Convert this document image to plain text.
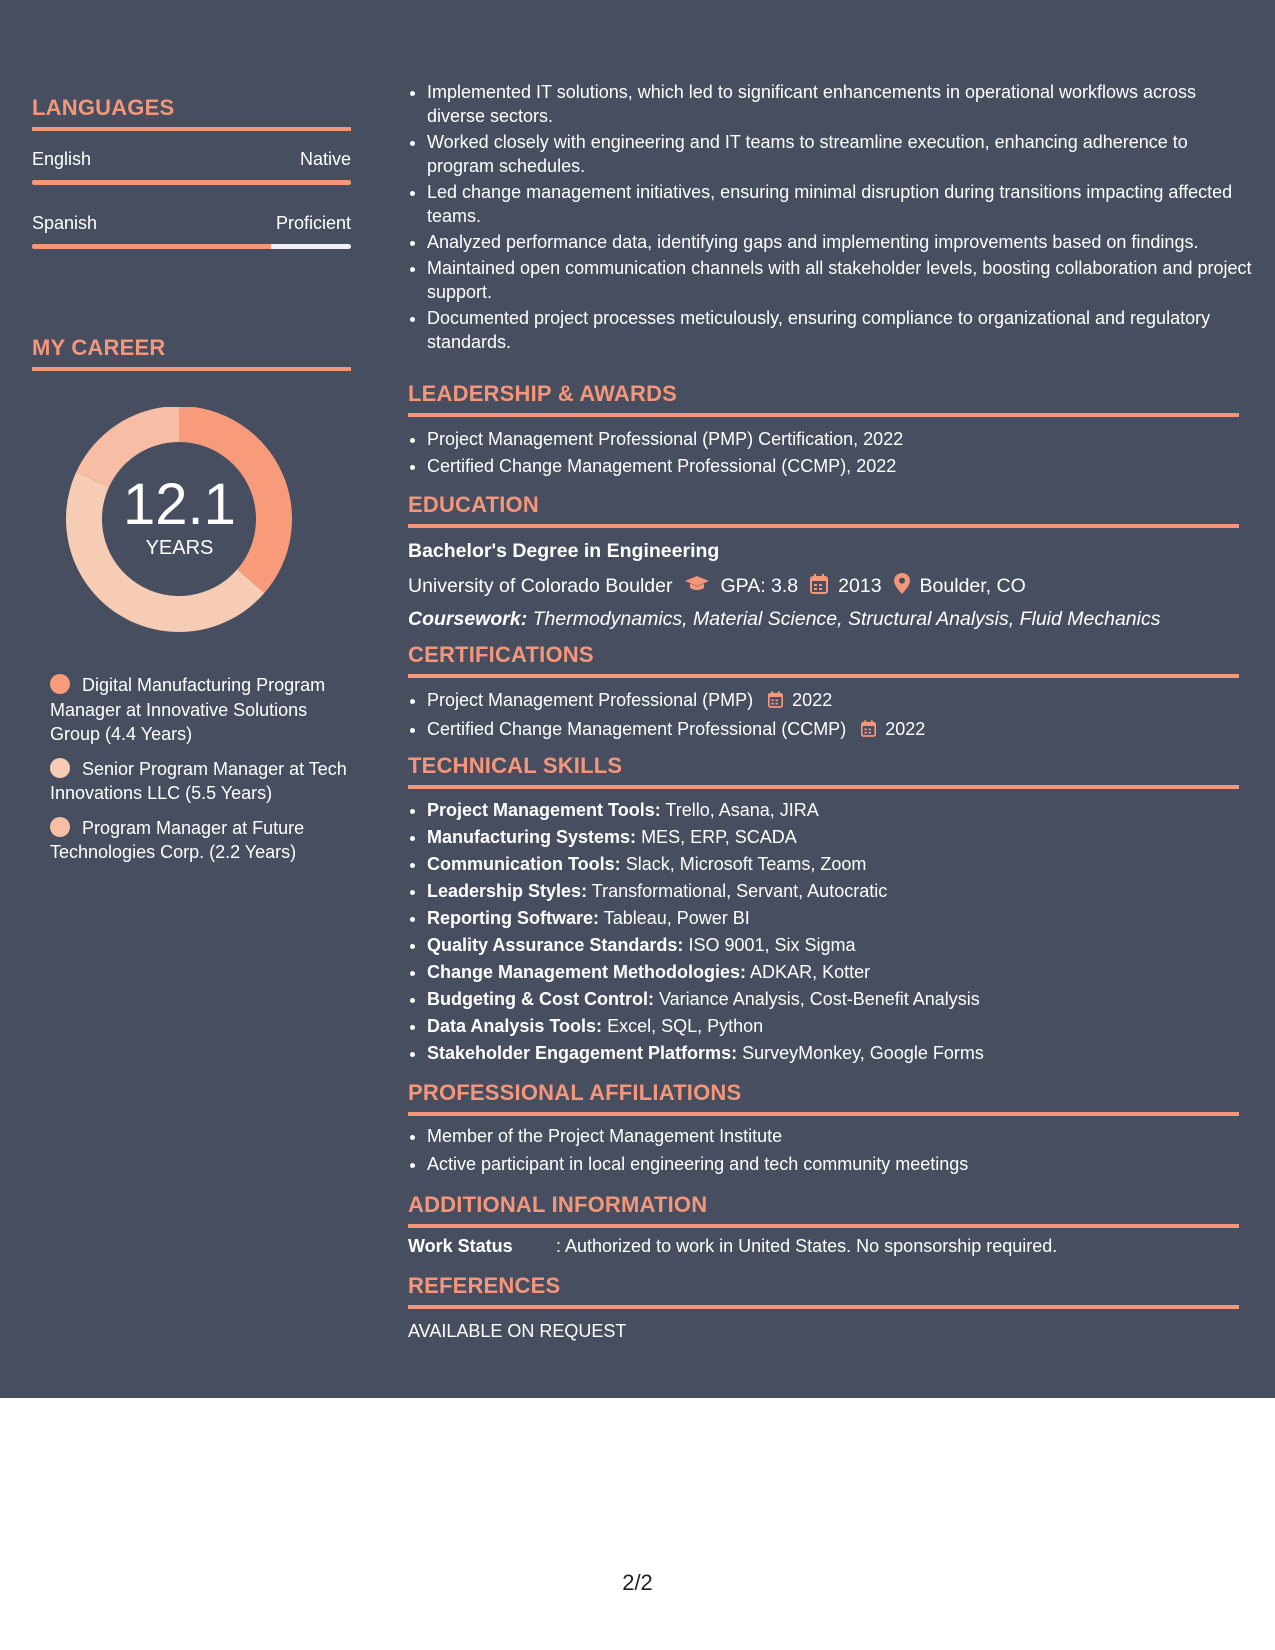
LANGUAGES
English	Native
Spanish	Proficient
MY CAREER
12.1
YEARS
Digital Manufacturing Program Manager at Innovative Solutions Group (4.4 Years)
Senior Program Manager at Tech Innovations LLC (5.5 Years)
Program Manager at Future Technologies Corp. (2.2 Years)
• Implemented IT solutions, which led to significant enhancements in operational workflows across diverse sectors.
• Worked closely with engineering and IT teams to streamline execution, enhancing adherence to program schedules.
• Led change management initiatives, ensuring minimal disruption during transitions impacting affected teams.
• Analyzed performance data, identifying gaps and implementing improvements based on findings.
• Maintained open communication channels with all stakeholder levels, boosting collaboration and project support.
• Documented project processes meticulously, ensuring compliance to organizational and regulatory standards.
LEADERSHIP & AWARDS
• Project Management Professional (PMP) Certification, 2022
• Certified Change Management Professional (CCMP), 2022
EDUCATION
Bachelor's Degree in Engineering
University of Colorado Boulder GPA: 3.8 2013 Boulder, CO
Coursework: Thermodynamics, Material Science, Structural Analysis, Fluid Mechanics
CERTIFICATIONS
• Project Management Professional (PMP) 2022
• Certified Change Management Professional (CCMP) 2022
TECHNICAL SKILLS
• Project Management Tools: Trello, Asana, JIRA
• Manufacturing Systems: MES, ERP, SCADA
• Communication Tools: Slack, Microsoft Teams, Zoom
• Leadership Styles: Transformational, Servant, Autocratic
• Reporting Software: Tableau, Power BI
• Quality Assurance Standards: ISO 9001, Six Sigma
• Change Management Methodologies: ADKAR, Kotter
• Budgeting & Cost Control: Variance Analysis, Cost-Benefit Analysis
• Data Analysis Tools: Excel, SQL, Python
• Stakeholder Engagement Platforms: SurveyMonkey, Google Forms
PROFESSIONAL AFFILIATIONS
• Member of the Project Management Institute
• Active participant in local engineering and tech community meetings
ADDITIONAL INFORMATION
Work Status	: Authorized to work in United States. No sponsorship required.
REFERENCES
AVAILABLE ON REQUEST
2/2
